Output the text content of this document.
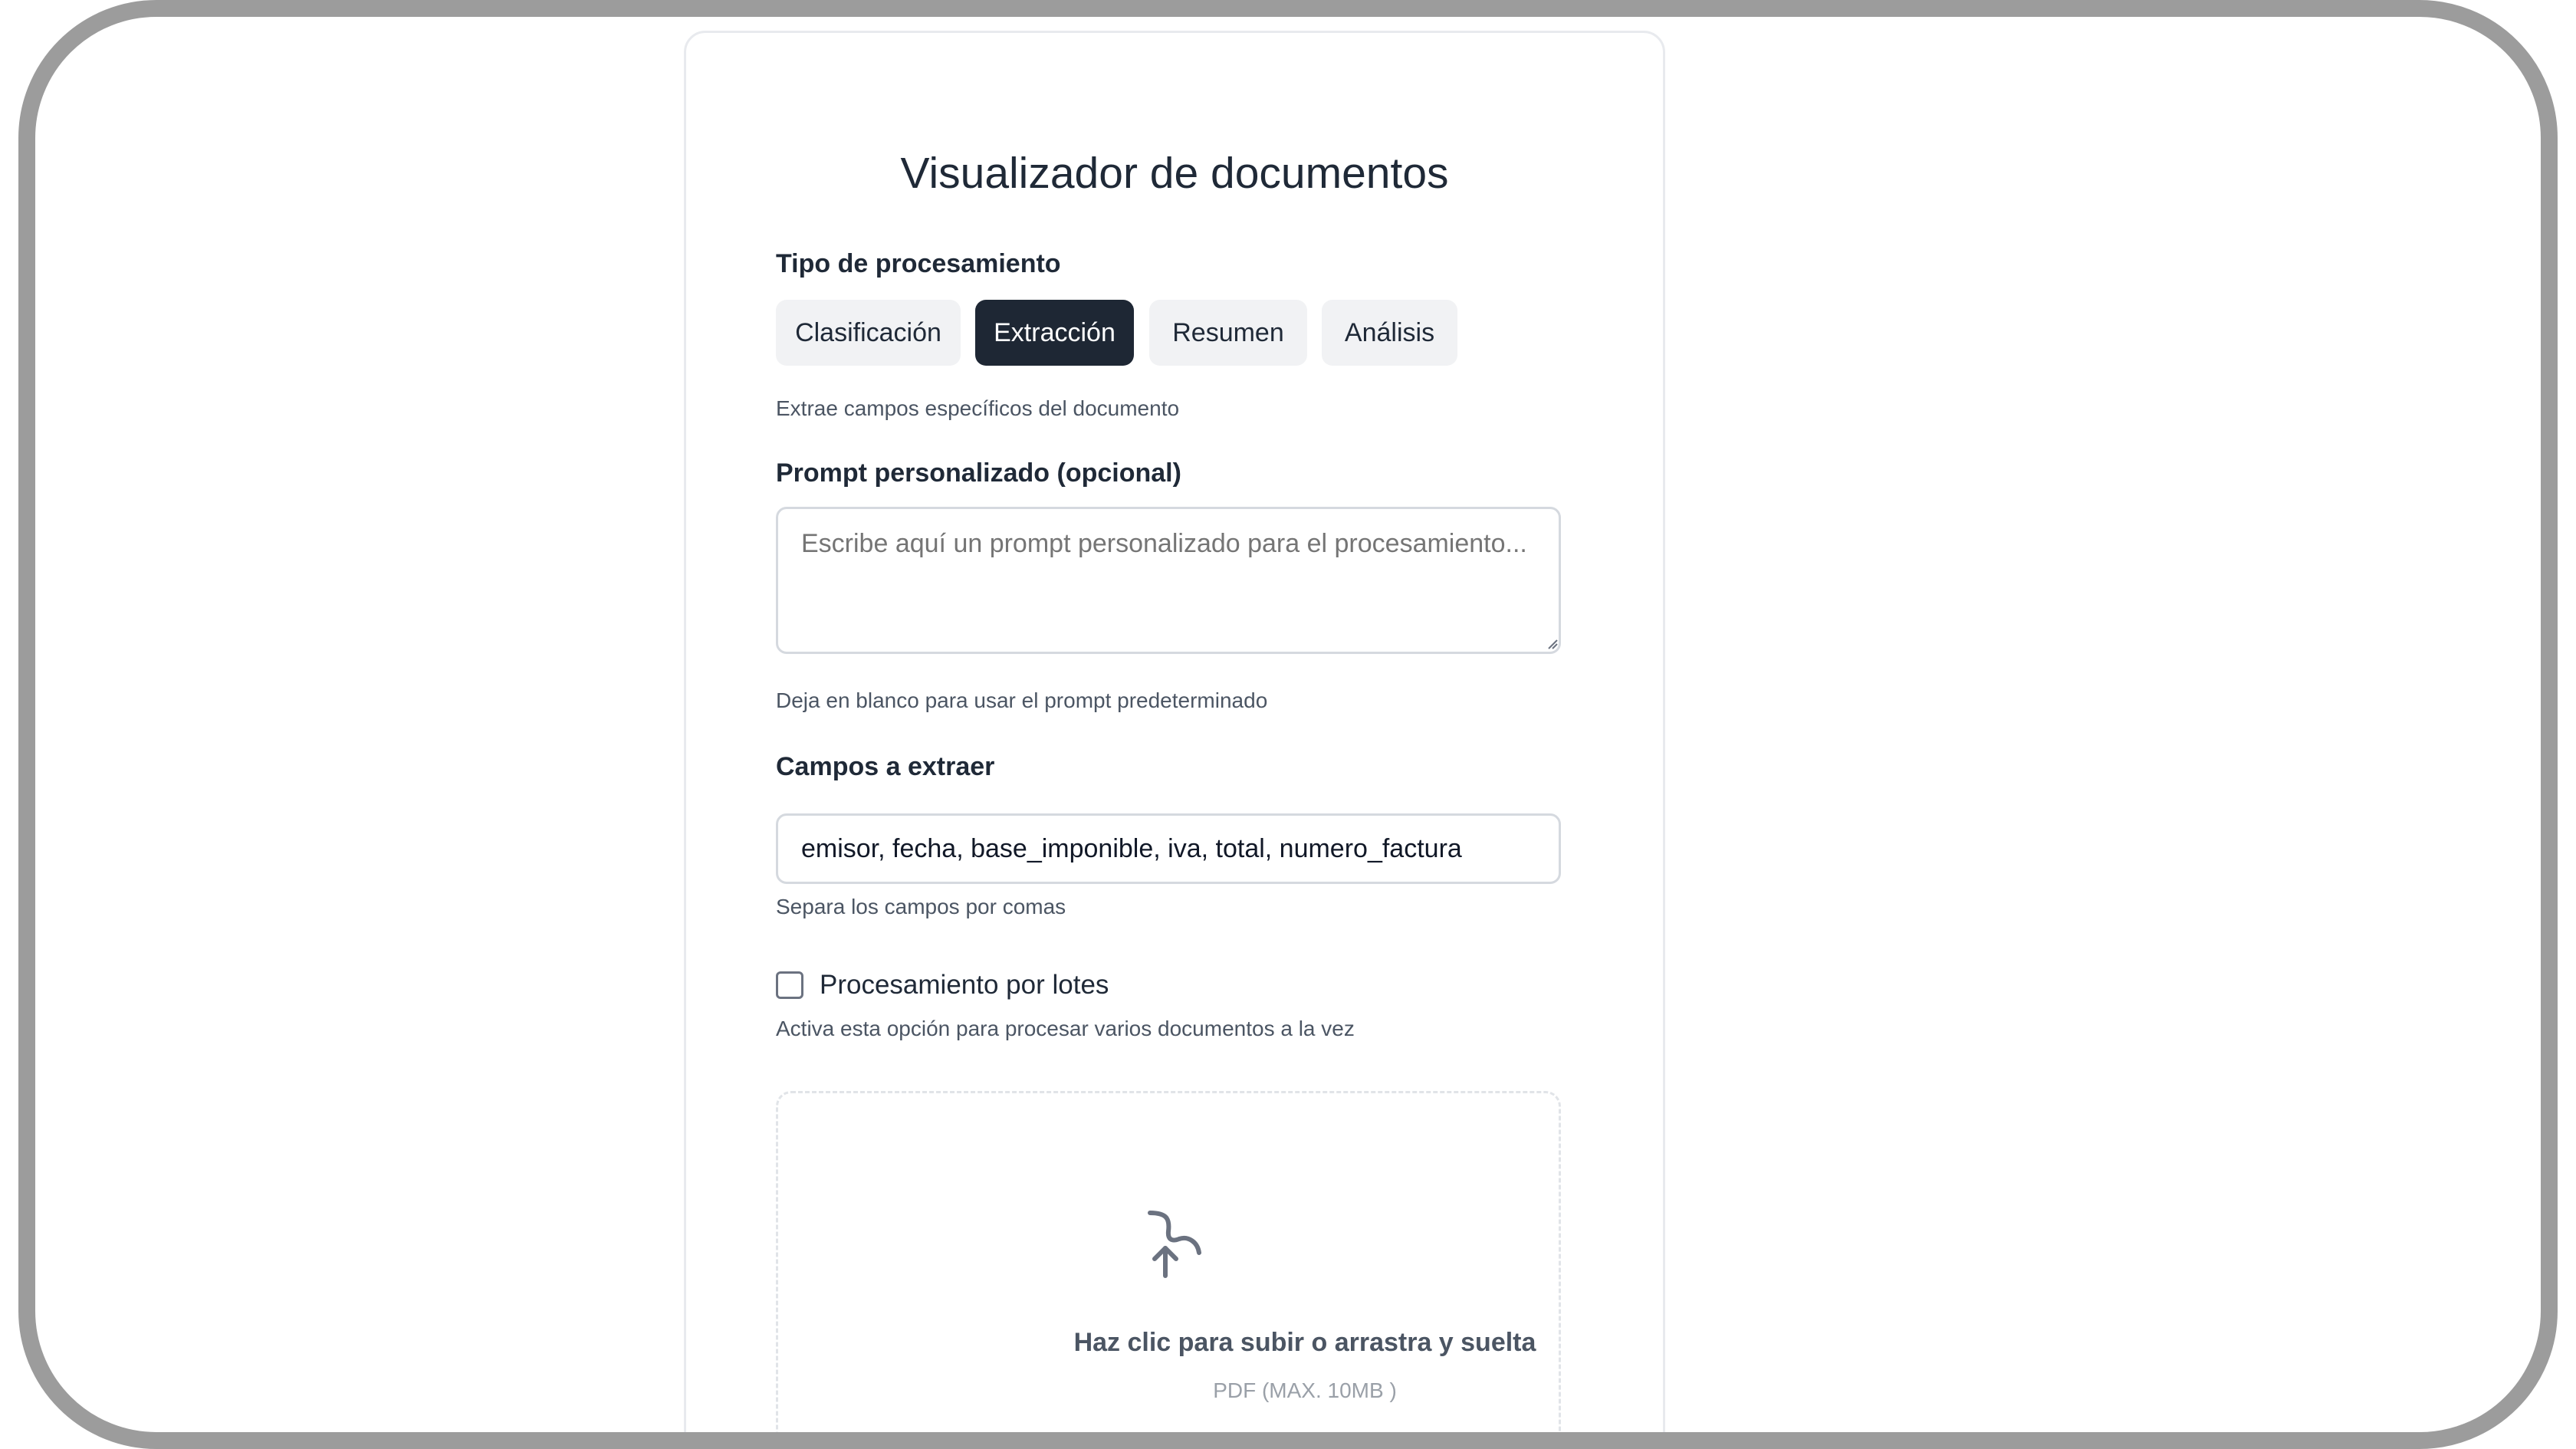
Visualizador de documentos
Tipo de procesamiento
Clasificación	Extracción	Resumen	Análisis
Extrae campos específicos del documento
Prompt personalizado (opcional)
Escribe aquí un prompt personalizado para el procesamiento...
Deja en blanco para usar el prompt predeterminado
Campos a extraer
emisor, fecha, base_imponible, iva, total, numero_factura
Separa los campos por comas
Procesamiento por lotes
Activa esta opción para procesar varios documentos a la vez
Haz clic para subir o arrastra y suelta
PDF (MAX. 10MB )
